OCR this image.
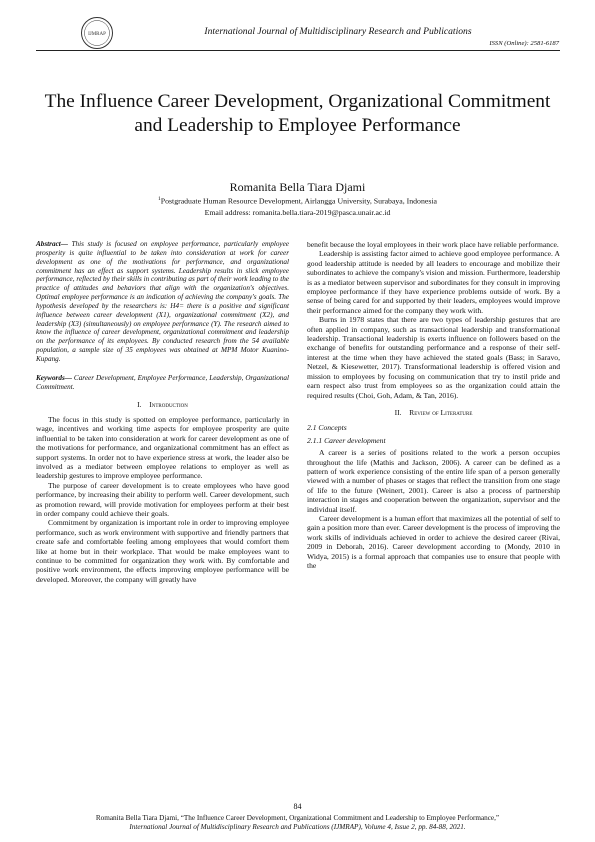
IJMRAP	International Journal of Multidisciplinary Research and Publications
ISSN (Online): 2581-6187
The Influence Career Development, Organizational Commitment and Leadership to Employee Performance
Romanita Bella Tiara Djami
$^1$Postgraduate Human Resource Development, Airlangga University, Surabaya, Indonesia
Email address: romanita.bella.tiara-2019@pasca.unair.ac.id

Abstract— This study is focused on employee performance, particularly employee prosperity is quite influential to be taken into consideration at work for career development as one of the motivations for performance, and organizational commitment has an effect as support systems. Leadership results in slick employee performance, reflected by their skills in contributing as part of their work leading to the practice of attitudes and behaviors that align with the organization's objectives. Optimal employee performance is an indication of achieving the company's goals. The hypothesis developed by the researchers is: H4= there is a positive and significant influence between career development (X1), organizational commitment (X2), and leadership (X3) (simultaneously) on employee performance (Y). The research aimed to know the influence of career development, organizational commitment and leadership on the performance of its employees. By conducted research from the 54 available population, a sample size of 35 employees was obtained at MPM Motor Kuanino-Kupang.

Keywords— Career Development, Employee Performance, Leadership, Organizational Commitment.

I. Introduction

The focus in this study is spotted on employee performance, particularly in wage, incentives and working time aspects for employee prosperity are quite influential to be taken into consideration at work for career development as one of the motivations for performance, and organizational commitment has an effect as support systems. In order not to have experience stress at work, the leader also be involved as a mediator between employee relations to employer as well as leadership gestures to improve employee performance.

The purpose of career development is to create employees who have good performance, by increasing their ability to perform well. Career development, such as promotion reward, will provide motivation for employees perform at their best in order company could achieve their goals.

Commitment by organization is important role in order to improving employee performance, such as work environment with supportive and friendly partners that create safe and comfortable feeling among employees that would comfort them like at home but in their workplace. That would be make employees want to continue to be committed for organization they work with. By comfortable and positive work environment, the effects improving employee performance will be developed. Moreover, the company will greatly have

benefit because the loyal employees in their work place have reliable performance.

Leadership is assisting factor aimed to achieve good employee performance. A good leadership attitude is needed by all leaders to encourage and mobilize their subordinates to achieve the company's vision and mission. Furthermore, leadership is as a mediator between supervisor and subordinates for they consult in improving employee performance if they have experience problems outside of work. By a sense of being cared for and supported by their leaders, employees would improve their performance aimed for the company they work with.

Burns in 1978 states that there are two types of leadership gestures that are often applied in company, such as transactional leadership and transformational leadership. Transactional leadership is exerts influence on followers based on the exchange of benefits for outstanding performance and a response of their self-interest at the time when they have achieved the stated goals (Bass; in Saravo, Netzel, & Kiesewetter, 2017). Transformational leadership is offered vision and mission to employees by focusing on communication that try to instil pride and earn respect also trust from employees so as the organization could attain the required results (Choi, Goh, Adam, & Tan, 2016).

II. Review of Literature
2.1 Concepts
2.1.1 Career development

A career is a series of positions related to the work a person occupies throughout the life (Mathis and Jackson, 2006). A career can be defined as a pattern of work experience consisting of the entire life span of a person generally viewed with a number of phases or stages that reflect the transition from one stage of life to the future (Weinert, 2001). Career is also a process of partnership interaction in stages and cooperation between the organization, supervisor and the individual itself.

Career development is a human effort that maximizes all the potential of self to gain a position more than ever. Career development is the process of improving the work skills of individuals achieved in order to achieve the desired career (Rivai, 2009 in Deborah, 2016). Career development according to (Mondy, 2010 in Widya, 2015) is a formal approach that companies use to ensure that people with the

84
Romanita Bella Tiara Djami, “The Influence Career Development, Organizational Commitment and Leadership to Employee Performance,”
International Journal of Multidisciplinary Research and Publications (IJMRAP), Volume 4, Issue 2, pp. 84-88, 2021.
